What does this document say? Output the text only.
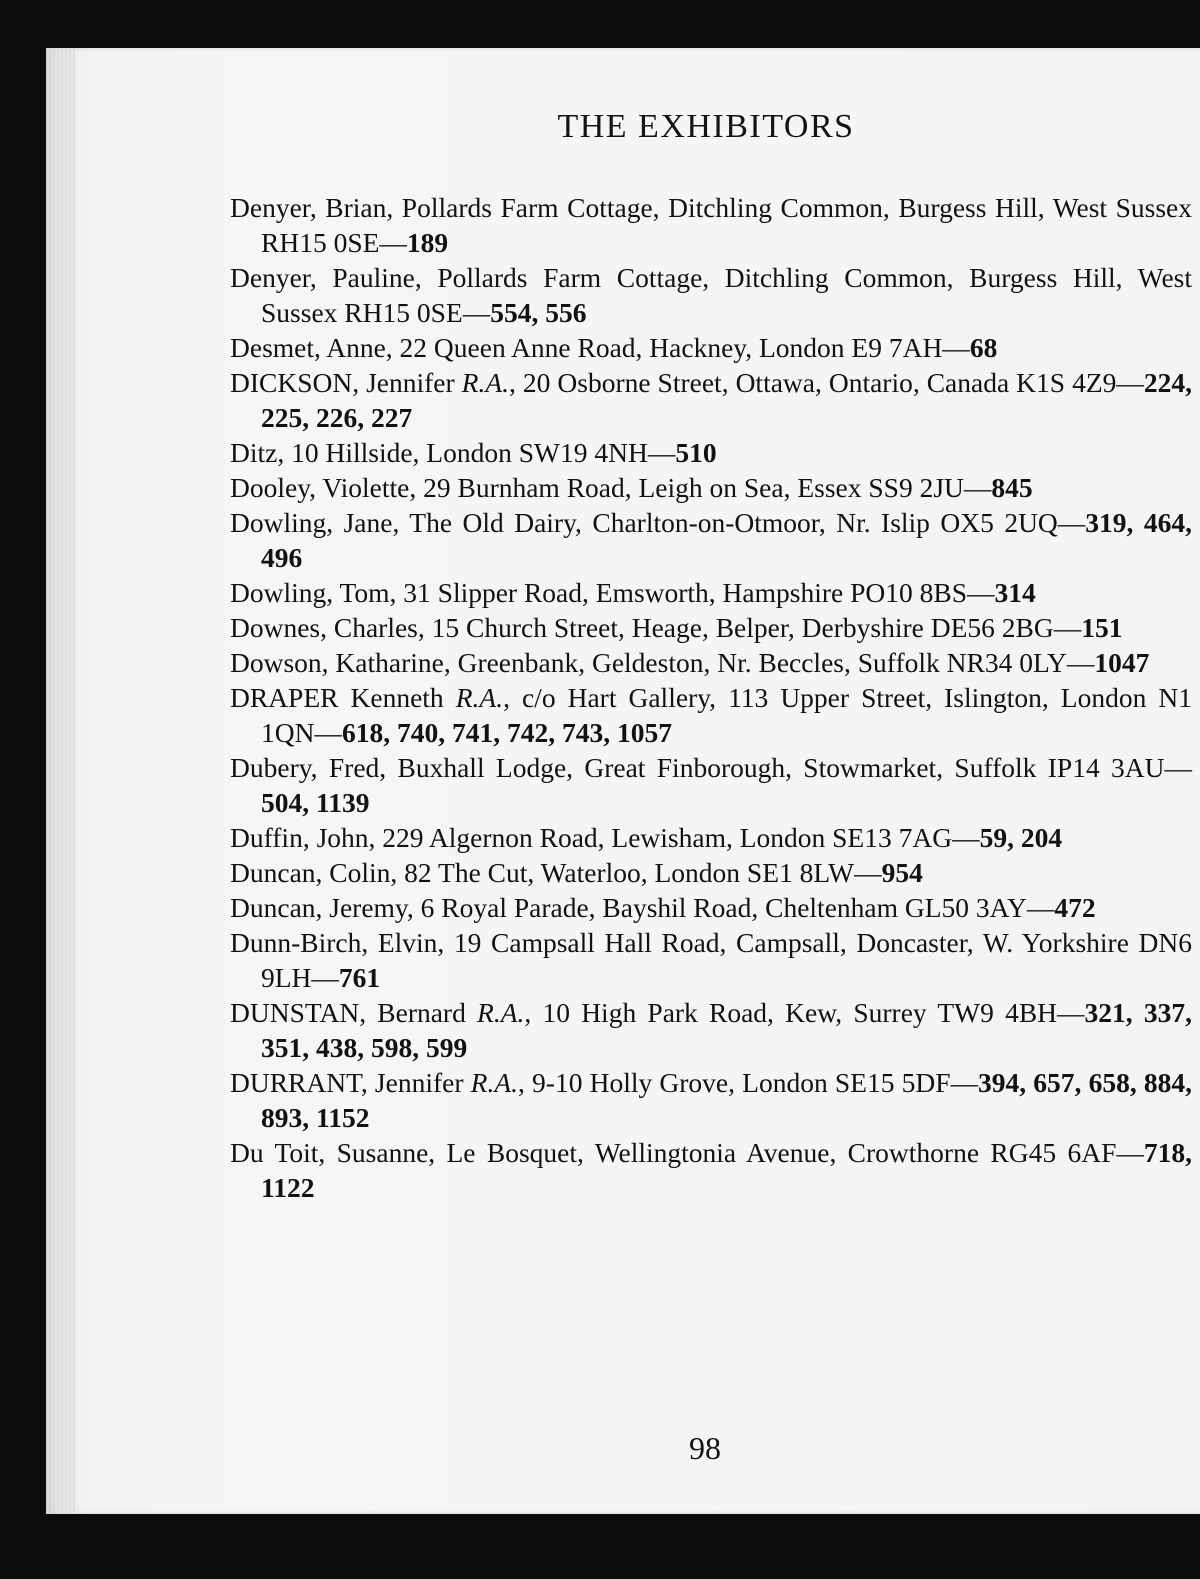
THE EXHIBITORS

Denyer, Brian, Pollards Farm Cottage, Ditchling Common, Burgess Hill, West Sussex RH15 0SE—189

Denyer, Pauline, Pollards Farm Cottage, Ditchling Common, Burgess Hill, West Sussex RH15 0SE—554, 556

Desmet, Anne, 22 Queen Anne Road, Hackney, London E9 7AH—68

DICKSON, Jennifer R.A., 20 Osborne Street, Ottawa, Ontario, Canada K1S 4Z9—224, 225, 226, 227

Ditz, 10 Hillside, London SW19 4NH—510

Dooley, Violette, 29 Burnham Road, Leigh on Sea, Essex SS9 2JU—845

Dowling, Jane, The Old Dairy, Charlton-on-Otmoor, Nr. Islip OX5 2UQ—319, 464, 496

Dowling, Tom, 31 Slipper Road, Emsworth, Hampshire PO10 8BS—314

Downes, Charles, 15 Church Street, Heage, Belper, Derbyshire DE56 2BG—151

Dowson, Katharine, Greenbank, Geldeston, Nr. Beccles, Suffolk NR34 0LY—1047

DRAPER Kenneth R.A., c/o Hart Gallery, 113 Upper Street, Islington, London N1 1QN—618, 740, 741, 742, 743, 1057

Dubery, Fred, Buxhall Lodge, Great Finborough, Stowmarket, Suffolk IP14 3AU—504, 1139

Duffin, John, 229 Algernon Road, Lewisham, London SE13 7AG—59, 204

Duncan, Colin, 82 The Cut, Waterloo, London SE1 8LW—954

Duncan, Jeremy, 6 Royal Parade, Bayshil Road, Cheltenham GL50 3AY—472

Dunn-Birch, Elvin, 19 Campsall Hall Road, Campsall, Doncaster, W. Yorkshire DN6 9LH—761

DUNSTAN, Bernard R.A., 10 High Park Road, Kew, Surrey TW9 4BH—321, 337, 351, 438, 598, 599

DURRANT, Jennifer R.A., 9-10 Holly Grove, London SE15 5DF—394, 657, 658, 884, 893, 1152

Du Toit, Susanne, Le Bosquet, Wellingtonia Avenue, Crowthorne RG45 6AF—718, 1122

98
